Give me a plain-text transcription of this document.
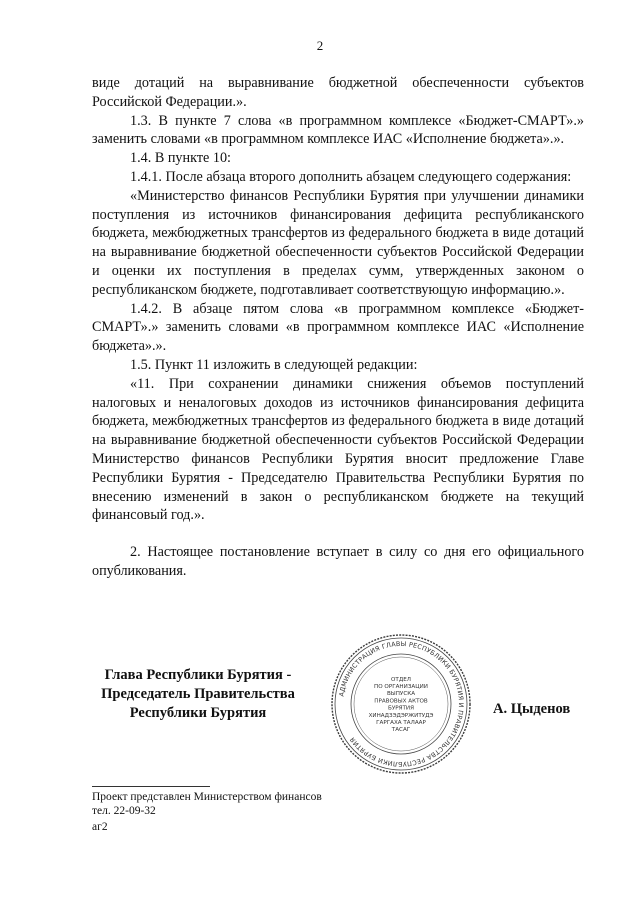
2

виде дотаций на выравнивание бюджетной обеспеченности субъектов Российской Федерации.».

1.3. В пункте 7 слова «в программном комплексе «Бюджет-СМАРТ».» заменить словами «в программном комплексе ИАС «Исполнение бюджета».».

1.4. В пункте 10:

1.4.1. После абзаца второго дополнить абзацем следующего содержания:

«Министерство финансов Республики Бурятия при улучшении динамики поступления из источников финансирования дефицита республиканского бюджета, межбюджетных трансфертов из федерального бюджета в виде дотаций на выравнивание бюджетной обеспеченности субъектов Российской Федерации и оценки их поступления в пределах сумм, утвержденных законом о республиканском бюджете, подготавливает соответствующую информацию.».

1.4.2. В абзаце пятом слова «в программном комплексе «Бюджет-СМАРТ».» заменить словами «в программном комплексе ИАС «Исполнение бюджета».».

1.5. Пункт 11 изложить в следующей редакции:

«11. При сохранении динамики снижения объемов поступлений налоговых и неналоговых доходов из источников финансирования дефицита бюджета, межбюджетных трансфертов из федерального бюджета в виде дотаций на выравнивание бюджетной обеспеченности субъектов Российской Федерации Министерство финансов Республики Бурятия вносит предложение Главе Республики Бурятия - Председателю Правительства Республики Бурятия по внесению изменений в закон о республиканском бюджете на текущий финансовый год.».

2. Настоящее постановление вступает в силу со дня его официального опубликования.

Глава Республики Бурятия -
Председатель Правительства
Республики Бурятия
АДМИНИСТРАЦИЯ ГЛАВЫ РЕСПУБЛИКИ БУРЯТИЯ И ПРАВИТЕЛЬСТВА РЕСПУБЛИКИ БУРЯТИЯ
ОТДЕЛ
ПО ОРГАНИЗАЦИИ
ВЫПУСКА
ПРАВОВЫХ АКТОВ
БУРЯТИЯ
ХИНАДЗЭДЭРЖИТУДЭ
ГАРГАХА ТАЛААР
ТАСАГ
А. Цыденов
Проект представлен Министерством финансов
тел. 22-09-32
аг2
